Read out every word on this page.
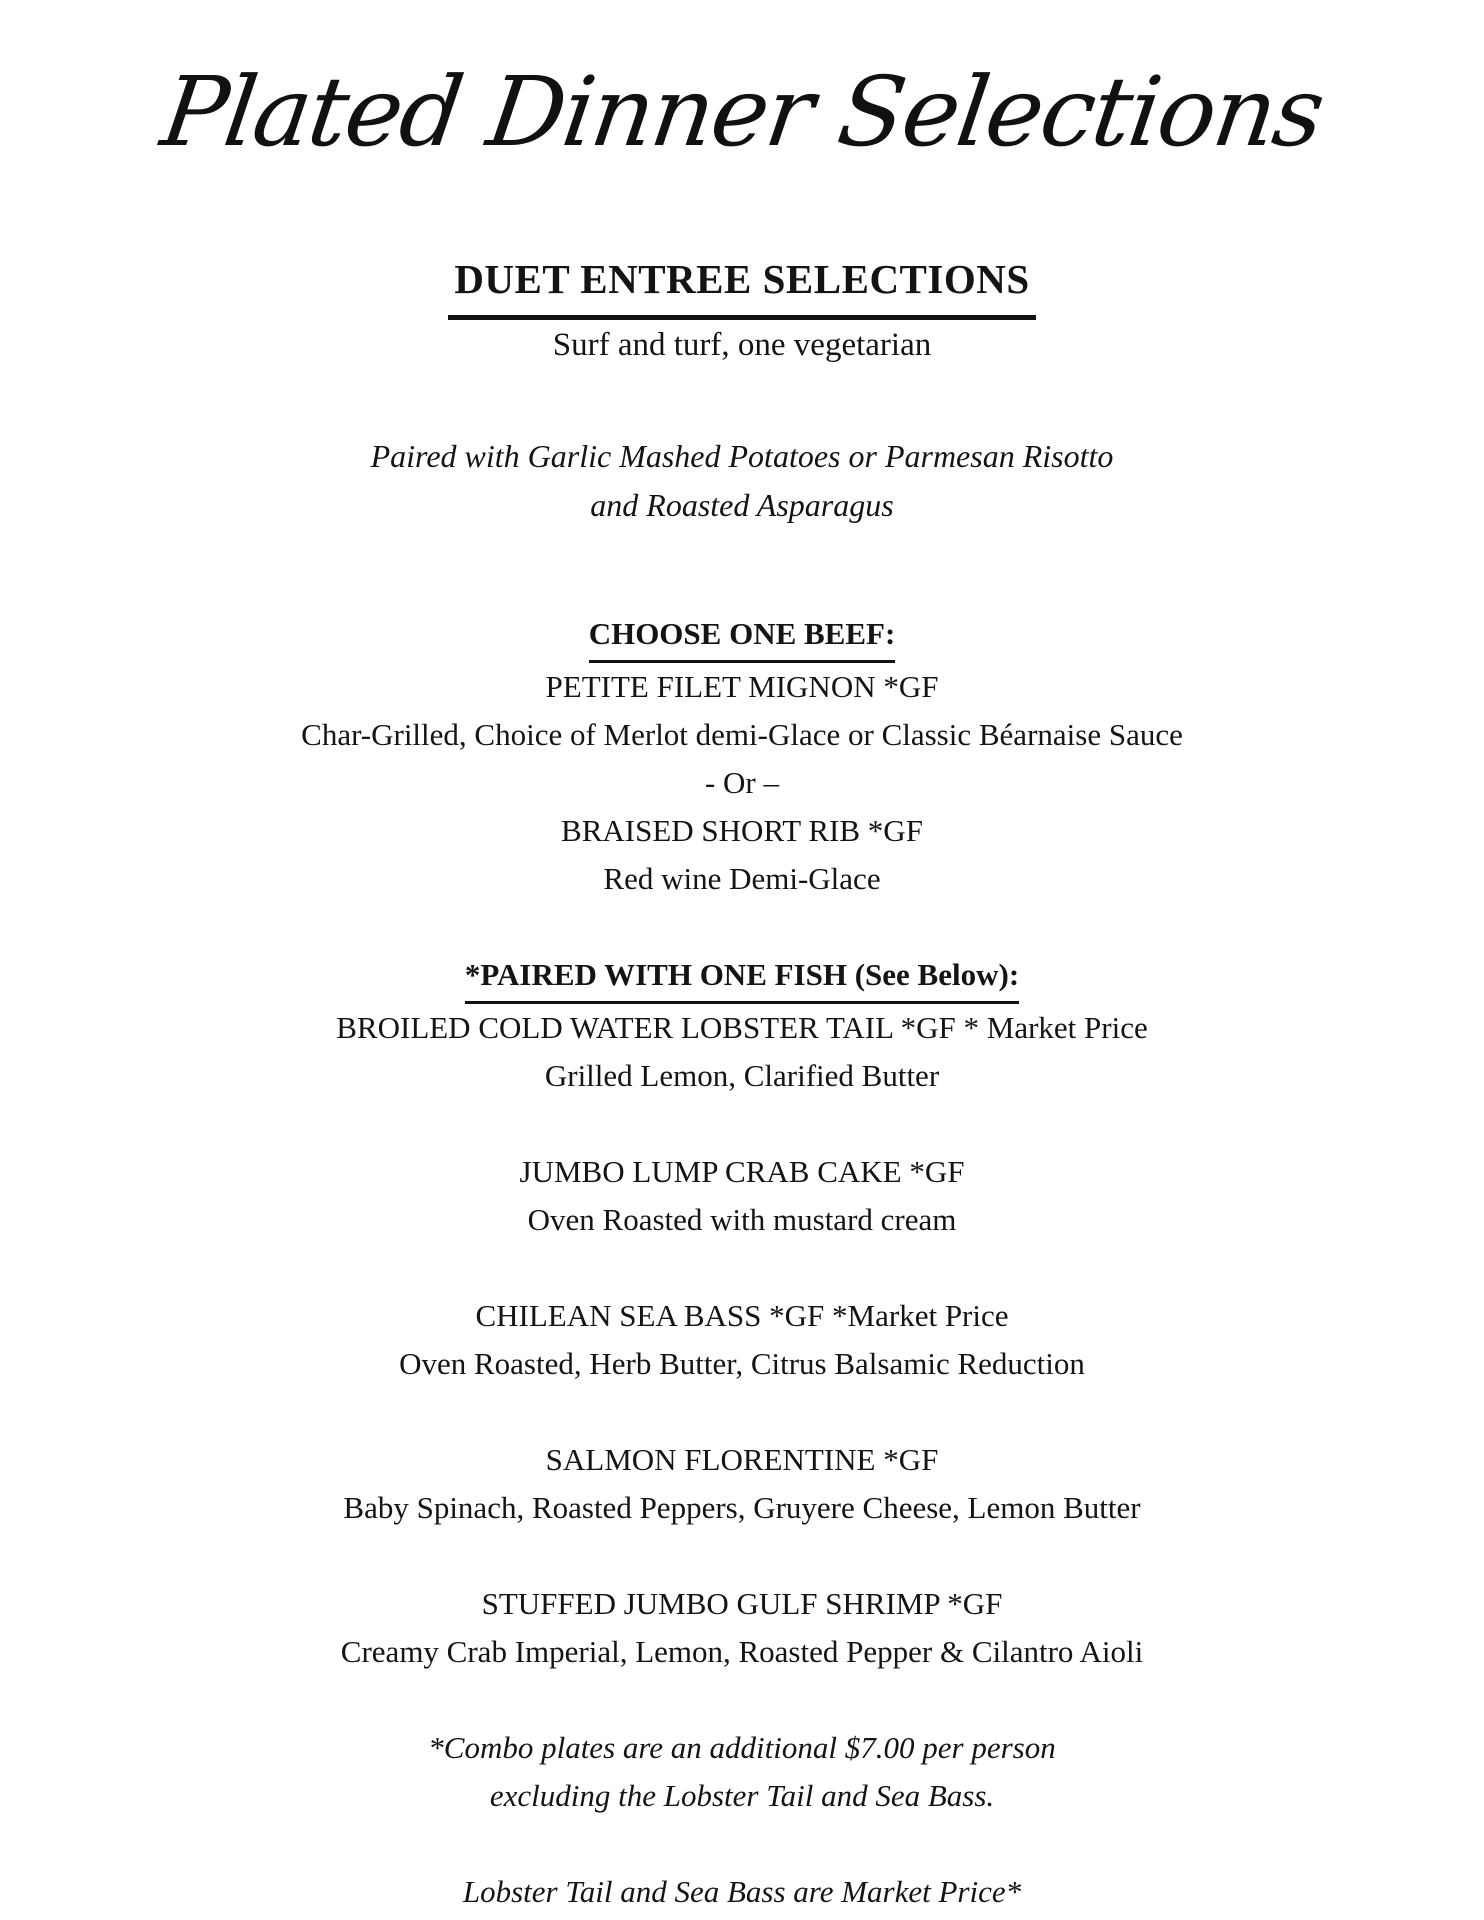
Plated Dinner Selections
DUET ENTREE SELECTIONS
Surf and turf, one vegetarian
Paired with Garlic Mashed Potatoes or Parmesan Risotto
and Roasted Asparagus
CHOOSE ONE BEEF:
PETITE FILET MIGNON *GF
Char-Grilled, Choice of Merlot demi-Glace or Classic Béarnaise Sauce
- Or –
BRAISED SHORT RIB *GF
Red wine Demi-Glace
*PAIRED WITH ONE FISH (See Below):
BROILED COLD WATER LOBSTER TAIL *GF * Market Price
Grilled Lemon, Clarified Butter
JUMBO LUMP CRAB CAKE *GF
Oven Roasted with mustard cream
CHILEAN SEA BASS *GF *Market Price
Oven Roasted, Herb Butter, Citrus Balsamic Reduction
SALMON FLORENTINE *GF
Baby Spinach, Roasted Peppers, Gruyere Cheese, Lemon Butter
STUFFED JUMBO GULF SHRIMP *GF
Creamy Crab Imperial, Lemon, Roasted Pepper & Cilantro Aioli
*Combo plates are an additional $7.00 per person
excluding the Lobster Tail and Sea Bass.
Lobster Tail and Sea Bass are Market Price*
